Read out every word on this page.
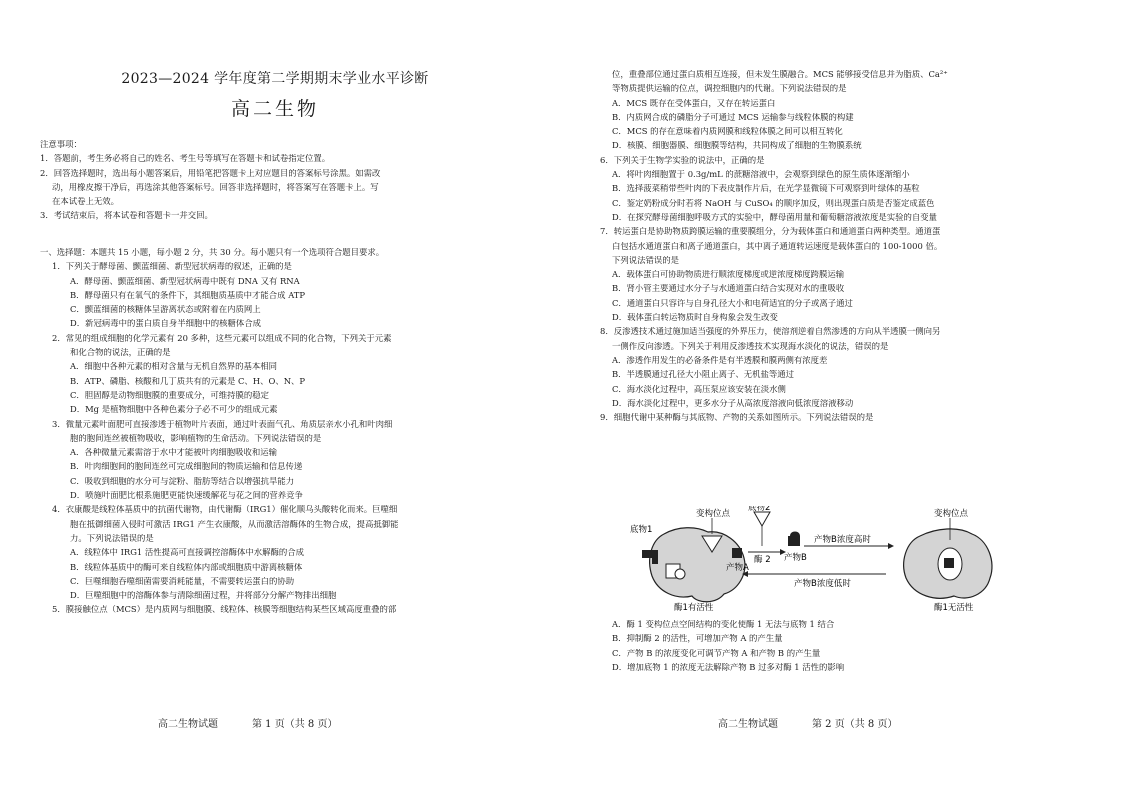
2023—2024 学年度第二学期期末学业水平诊断
高二生物
注意事项：
1．答题前，考生务必将自己的姓名、考生号等填写在答题卡和试卷指定位置。
2．回答选择题时，选出每小题答案后，用铅笔把答题卡上对应题目的答案标号涂黑。如需改
动，用橡皮擦干净后，再选涂其他答案标号。回答非选择题时，将答案写在答题卡上。写
在本试卷上无效。
3．考试结束后，将本试卷和答题卡一并交回。
一、选择题：本题共 15 小题，每小题 2 分，共 30 分。每小题只有一个选项符合题目要求。
1．下列关于酵母菌、颤蓝细菌、新型冠状病毒的叙述，正确的是
A．酵母菌、颤蓝细菌、新型冠状病毒中既有 DNA 又有 RNA
B．酵母菌只有在氧气的条件下，其细胞质基质中才能合成 ATP
C．颤蓝细菌的核糖体呈游离状态或附着在内质网上
D．新冠病毒中的蛋白质自身半细胞中的核糖体合成
2．常见的组成细胞的化学元素有 20 多种，这些元素可以组成不同的化合物，下列关于元素
和化合物的说法，正确的是
A．细胞中各种元素的相对含量与无机自然界的基本相同
B．ATP、磷脂、核酸和几丁质共有的元素是 C、H、O、N、P
C．胆固醇是动物细胞膜的重要成分，可维持膜的稳定
D．Mg 是植物细胞中各种色素分子必不可少的组成元素
3．微量元素叶面肥可直接渗透于植物叶片表面，通过叶表面气孔、角质层亲水小孔和叶肉细
胞的胞间连丝被植物吸收，影响植物的生命活动。下列说法错误的是
A．各种微量元素需溶于水中才能被叶肉细胞吸收和运输
B．叶肉细胞间的胞间连丝可完成细胞间的物质运输和信息传递
C．吸收到细胞的水分可与淀粉、脂肪等结合以增强抗旱能力
D．喷施叶面肥比根系施肥更能快速缓解花与花之间的营养竞争
4．衣康酸是线粒体基质中的抗菌代谢物，由代谢酶（IRG1）催化顺乌头酸转化而来。巨噬细
胞在抵御细菌入侵时可激活 IRG1 产生衣康酸，从而激活溶酶体的生物合成，提高抵御能
力。下列说法错误的是
A．线粒体中 IRG1 活性提高可直接调控溶酶体中水解酶的合成
B．线粒体基质中的酶可来自线粒体内部或细胞质中游离核糖体
C．巨噬细胞吞噬细菌需要消耗能量，不需要转运蛋白的协助
D．巨噬细胞中的溶酶体参与清除细菌过程，并将部分分解产物排出细胞
5．膜接触位点（MCS）是内质网与细胞膜、线粒体、核膜等细胞结构某些区域高度重叠的部
高二生物试题	第 1 页（共 8 页）
位，重叠部位通过蛋白质相互连接，但未发生膜融合。MCS 能够接受信息并为脂质、Ca²⁺
等物质提供运输的位点，调控细胞内的代谢。下列说法错误的是
A．MCS 既存在受体蛋白，又存在转运蛋白
B．内质网合成的磷脂分子可通过 MCS 运输参与线粒体膜的构建
C．MCS 的存在意味着内质网膜和线粒体膜之间可以相互转化
D．核膜、细胞器膜、细胞膜等结构，共同构成了细胞的生物膜系统
6．下列关于生物学实验的说法中，正确的是
A．将叶肉细胞置于 0.3g/mL 的蔗糖溶液中，会观察到绿色的原生质体逐渐缩小
B．选择菠菜稍带些叶肉的下表皮制作片后，在光学显微镜下可观察到叶绿体的基粒
C．鉴定奶粉成分时若将 NaOH 与 CuSO₄ 的顺序加反，则出现蛋白质是否鉴定成蓝色
D．在探究酵母菌细胞呼吸方式的实验中，酵母菌用量和葡萄糖溶液浓度是实验的自变量
7．转运蛋白是协助物质跨膜运输的重要膜组分，分为载体蛋白和通道蛋白两种类型。通道蛋
白包括水通道蛋白和离子通道蛋白，其中离子通道转运速度是载体蛋白的 100-1000 倍。
下列说法错误的是
A．载体蛋白可协助物质进行顺浓度梯度或逆浓度梯度跨膜运输
B．肾小管主要通过水分子与水通道蛋白结合实现对水的重吸收
C．通道蛋白只容许与自身孔径大小和电荷适宜的分子或离子通过
D．载体蛋白转运物质时自身构象会发生改变
8．反渗透技术通过施加适当强度的外界压力，使溶剂逆着自然渗透的方向从半透膜一侧向另
一侧作反向渗透。下列关于利用反渗透技术实现海水淡化的说法，错误的是
A．渗透作用发生的必备条件是有半透膜和膜两侧有浓度差
B．半透膜通过孔径大小阻止离子、无机盐等通过
C．海水淡化过程中，高压泵应该安装在淡水侧
D．海水淡化过程中，更多水分子从高浓度溶液向低浓度溶液移动
9．细胞代谢中某种酶与其底物、产物的关系如图所示。下列说法错误的是
底物1
变构位点
底物2
酶 2
产物A
产物B
产物B浓度高时
产物B浓度低时
变构位点
酶1有活性	酶1无活性
A．酶 1 变构位点空间结构的变化使酶 1 无法与底物 1 结合
B．抑制酶 2 的活性，可增加产物 A 的产生量
C．产物 B 的浓度变化可调节产物 A 和产物 B 的产生量
D．增加底物 1 的浓度无法解除产物 B 过多对酶 1 活性的影响
高二生物试题	第 2 页（共 8 页）
